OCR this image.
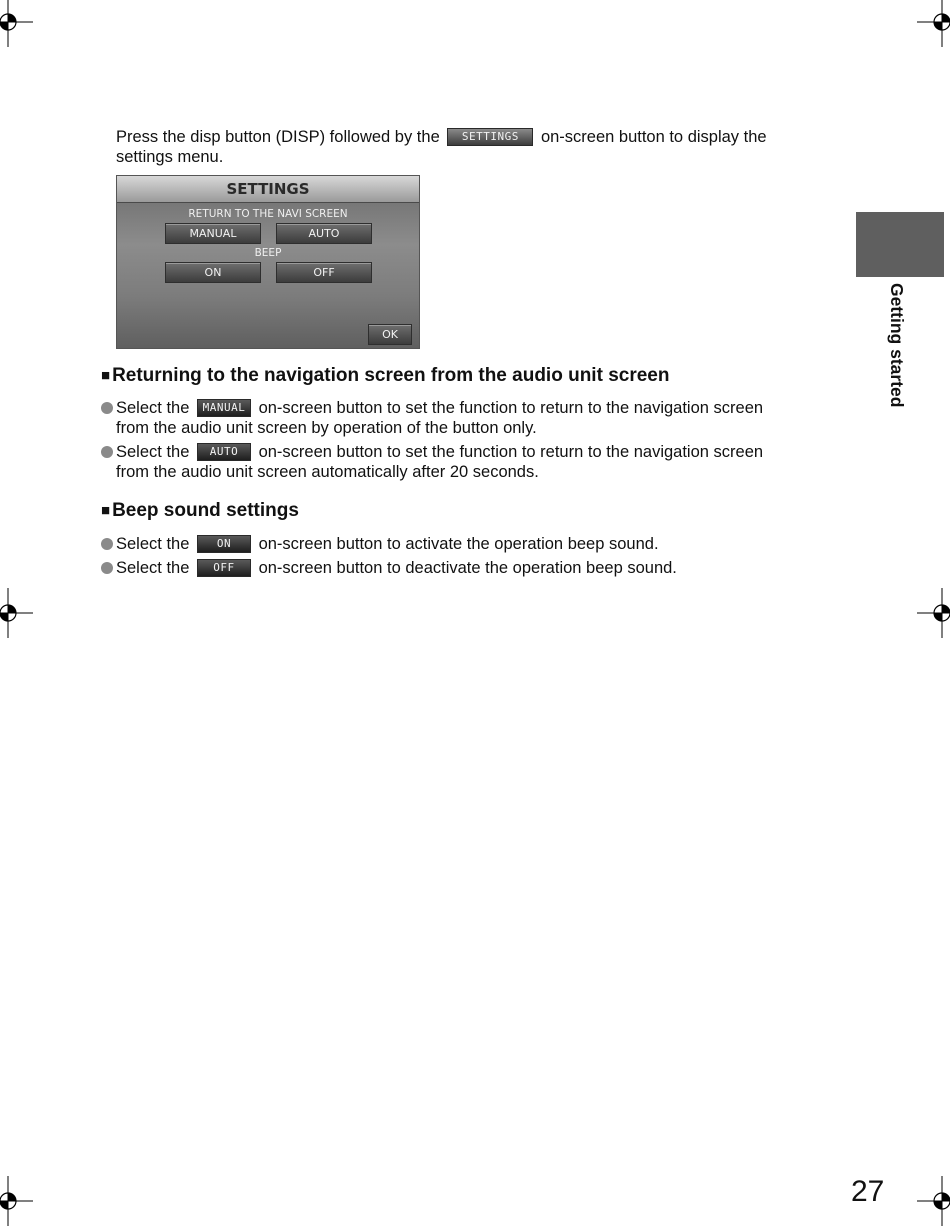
Press the disp button (DISP) followed by the SETTINGS on-screen button to display the settings menu.
SETTINGS
RETURN TO THE NAVI SCREEN
MANUAL	AUTO
BEEP
ON	OFF
OK
■ Returning to the navigation screen from the audio unit screen
Select the MANUAL on-screen button to set the function to return to the navigation screen
from the audio unit screen by operation of the button only.
Select the AUTO on-screen button to set the function to return to the navigation screen
from the audio unit screen automatically after 20 seconds.
■ Beep sound settings
Select the ON on-screen button to activate the operation beep sound.
Select the OFF on-screen button to deactivate the operation beep sound.
Getting started
27
